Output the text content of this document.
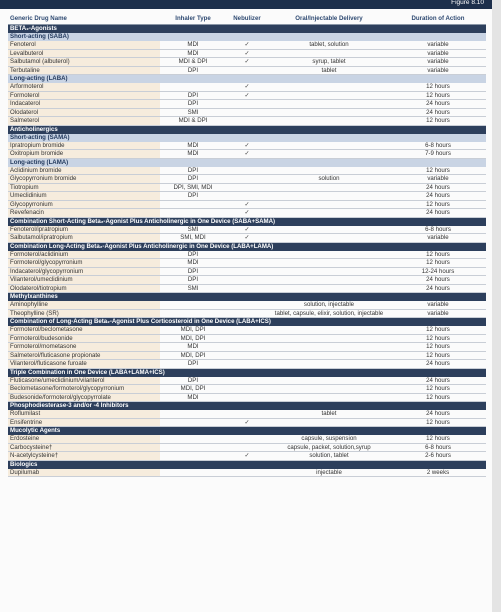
Figure 8.10
Generic Drug Name	Inhaler Type	Nebulizer	Oral/Injectable Delivery	Duration of Action
BETA₂-Agonists				
Short-acting (SABA)				
Fenoterol	MDI	✓	tablet, solution	variable
Levalbuterol	MDI	✓		variable
Salbutamol (albuterol)	MDI & DPI	✓	syrup, tablet	variable
Terbutaline	DPI		tablet	variable
Long-acting (LABA)				
Arformoterol		✓		12 hours
Formoterol	DPI	✓		12 hours
Indacaterol	DPI			24 hours
Olodaterol	SMI			24 hours
Salmeterol	MDI & DPI			12 hours
Anticholinergics				
Short-acting (SAMA)				
Ipratropium bromide	MDI	✓		6-8 hours
Oxitropium bromide	MDI	✓		7-9 hours
Long-acting (LAMA)				
Aclidinium bromide	DPI			12 hours
Glycopyrronium bromide	DPI		solution	variable
Tiotropium	DPI, SMI, MDI			24 hours
Umeclidinium	DPI			24 hours
Glycopyrronium		✓		12 hours
Revefenacin		✓		24 hours
Combination Short-Acting Beta₂-Agonist Plus Anticholinergic in One Device (SABA+SAMA)				
Fenoterol/ipratropium	SMI	✓		6-8 hours
Salbutamol/ipratropium	SMI, MDI	✓		variable
Combination Long-Acting Beta₂-Agonist Plus Anticholinergic in One Device (LABA+LAMA)				
Formoterol/aclidinium	DPI			12 hours
Formoterol/glycopyrronium	MDI			12 hours
Indacaterol/glycopyrronium	DPI			12-24 hours
Vilanterol/umeclidinium	DPI			24 hours
Olodaterol/tiotropium	SMI			24 hours
Methylxanthines				
Aminophylline			solution, injectable	variable
Theophylline (SR)			tablet, capsule, elixir, solution, injectable	variable
Combination of Long-Acting Beta₂-Agonist Plus Corticosteroid in One Device (LABA+ICS)				
Formoterol/beclometasone	MDI, DPI			12 hours
Formoterol/budesonide	MDI, DPI			12 hours
Formoterol/mometasone	MDI			12 hours
Salmeterol/fluticasone propionate	MDI, DPI			12 hours
Vilanterol/fluticasone furoate	DPI			24 hours
Triple Combination in One Device (LABA+LAMA+ICS)				
Fluticasone/umeclidinium/vilanterol	DPI			24 hours
Beclometasone/formoterol/glycopyrronium	MDI, DPI			12 hours
Budesonide/formoterol/glycopyrrolate	MDI			12 hours
Phosphodiesterase-3 and/or -4 Inhibitors				
Roflumilast			tablet	24 hours
Ensifentrine		✓		12 hours
Mucolytic Agents				
Erdosteine			capsule, suspension	12 hours
Carbocysteine†			capsule, packet, solution,syrup	6-8 hours
N-acetylcysteine†		✓	solution, tablet	2-6 hours
Biologics				
Dupilumab			injectable	2 weeks
